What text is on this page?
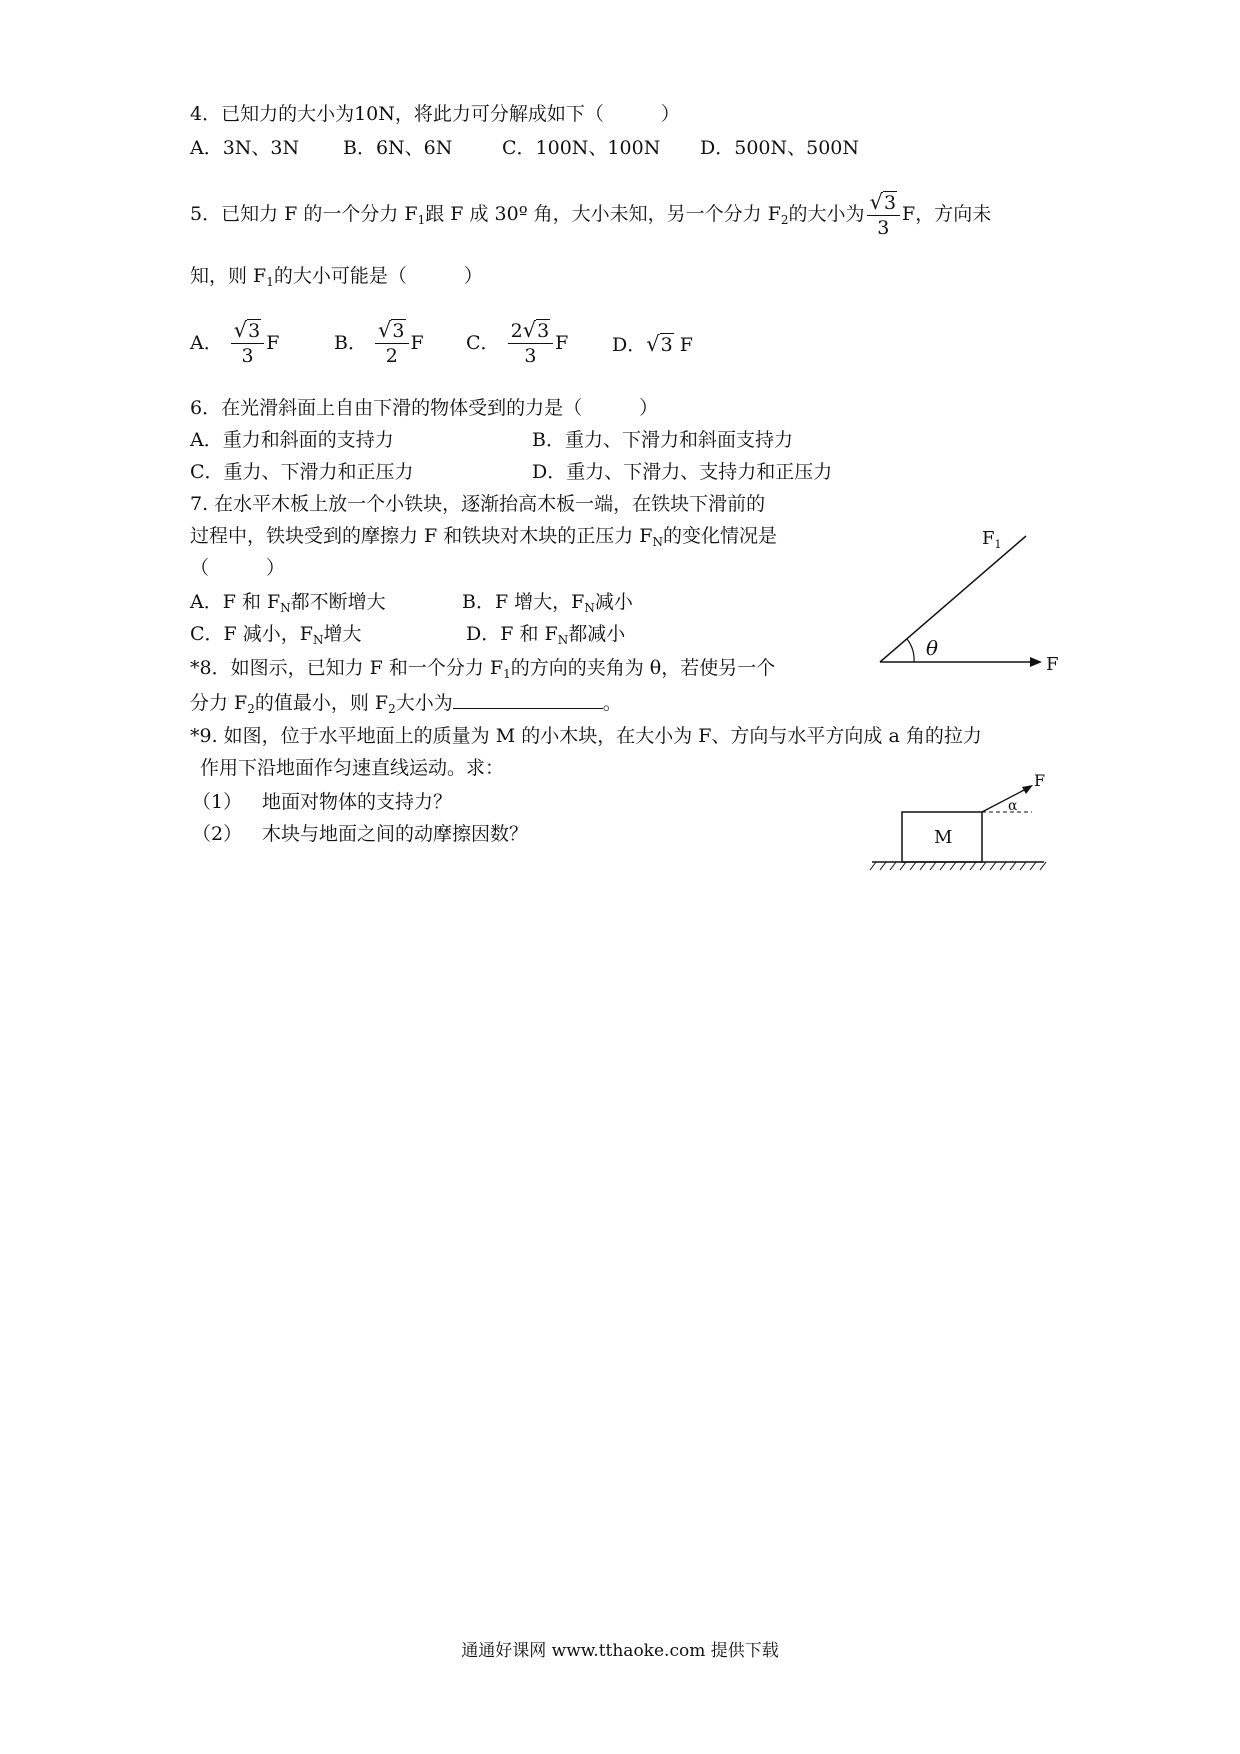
4．已知力的大小为10N，将此力可分解成如下（　　　）
A．3N、3N B．6N、6N	C．100N、100N D．500N、500N
5．已知力 F 的一个分力 $F_1$跟 F 成 30º 角，大小未知，另一个分力 $F_2$的大小为 $\frac{√3}{3}$ F，方向未
知，则 $F_1$的大小可能是（　　　）
A． $\frac{√3}{3}$ F	B． $\frac{√3}{2}$ F C． $\frac{2√3}{3}$ F D．√3 F
6．在光滑斜面上自由下滑的物体受到的力是（　　　）
A．重力和斜面的支持力	B．重力、下滑力和斜面支持力
C．重力、下滑力和正压力	D．重力、下滑力、支持力和正压力
7. 在水平木板上放一个小铁块，逐渐抬高木板一端，在铁块下滑前的
过程中，铁块受到的摩擦力 F 和铁块对木块的正压力 $F_N$的变化情况是
（　　　）
A．F 和 $F_N$都不断增大	B．F 增大，$F_N$减小
C．F 减小，$F_N$增大	D．F 和 $F_N$都减小
*8．如图示，已知力 F 和一个分力 $F_1$的方向的夹角为 θ，若使另一个
分力 $F_2$的值最小，则 $F_2$大小为	。
θ
F
$F_1$
*9. 如图，位于水平地面上的质量为 M 的小木块，在大小为 F、方向与水平方向成 a 角的拉力
作用下沿地面作匀速直线运动。求：
（1） 地面对物体的支持力？
（2） 木块与地面之间的动摩擦因数？	M
α
F
通通好课网 www.tthaoke.com 提供下载
